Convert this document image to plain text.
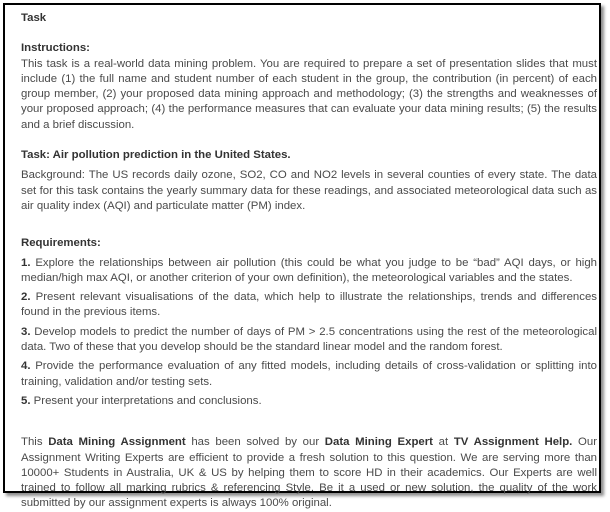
Task

Instructions:

This task is a real-world data mining problem. You are required to prepare a set of presentation slides that must include (1) the full name and student number of each student in the group, the contribution (in percent) of each group member, (2) your proposed data mining approach and methodology; (3) the strengths and weaknesses of your proposed approach; (4) the performance measures that can evaluate your data mining results; (5) the results and a brief discussion.

Task: Air pollution prediction in the United States.

Background: The US records daily ozone, SO2, CO and NO2 levels in several counties of every state. The data set for this task contains the yearly summary data for these readings, and associated meteorological data such as air quality index (AQI) and particulate matter (PM) index.

Requirements:

1. Explore the relationships between air pollution (this could be what you judge to be “bad” AQI days, or high median/high max AQI, or another criterion of your own definition), the meteorological variables and the states.

2. Present relevant visualisations of the data, which help to illustrate the relationships, trends and differences found in the previous items.

3. Develop models to predict the number of days of PM > 2.5 concentrations using the rest of the meteorological data. Two of these that you develop should be the standard linear model and the random forest.

4. Provide the performance evaluation of any fitted models, including details of cross-validation or splitting into training, validation and/or testing sets.

5. Present your interpretations and conclusions.

This Data Mining Assignment has been solved by our Data Mining Expert at TV Assignment Help. Our Assignment Writing Experts are efficient to provide a fresh solution to this question. We are serving more than 10000+ Students in Australia, UK & US by helping them to score HD in their academics. Our Experts are well trained to follow all marking rubrics & referencing Style. Be it a used or new solution, the quality of the work submitted by our assignment experts is always 100% original.
